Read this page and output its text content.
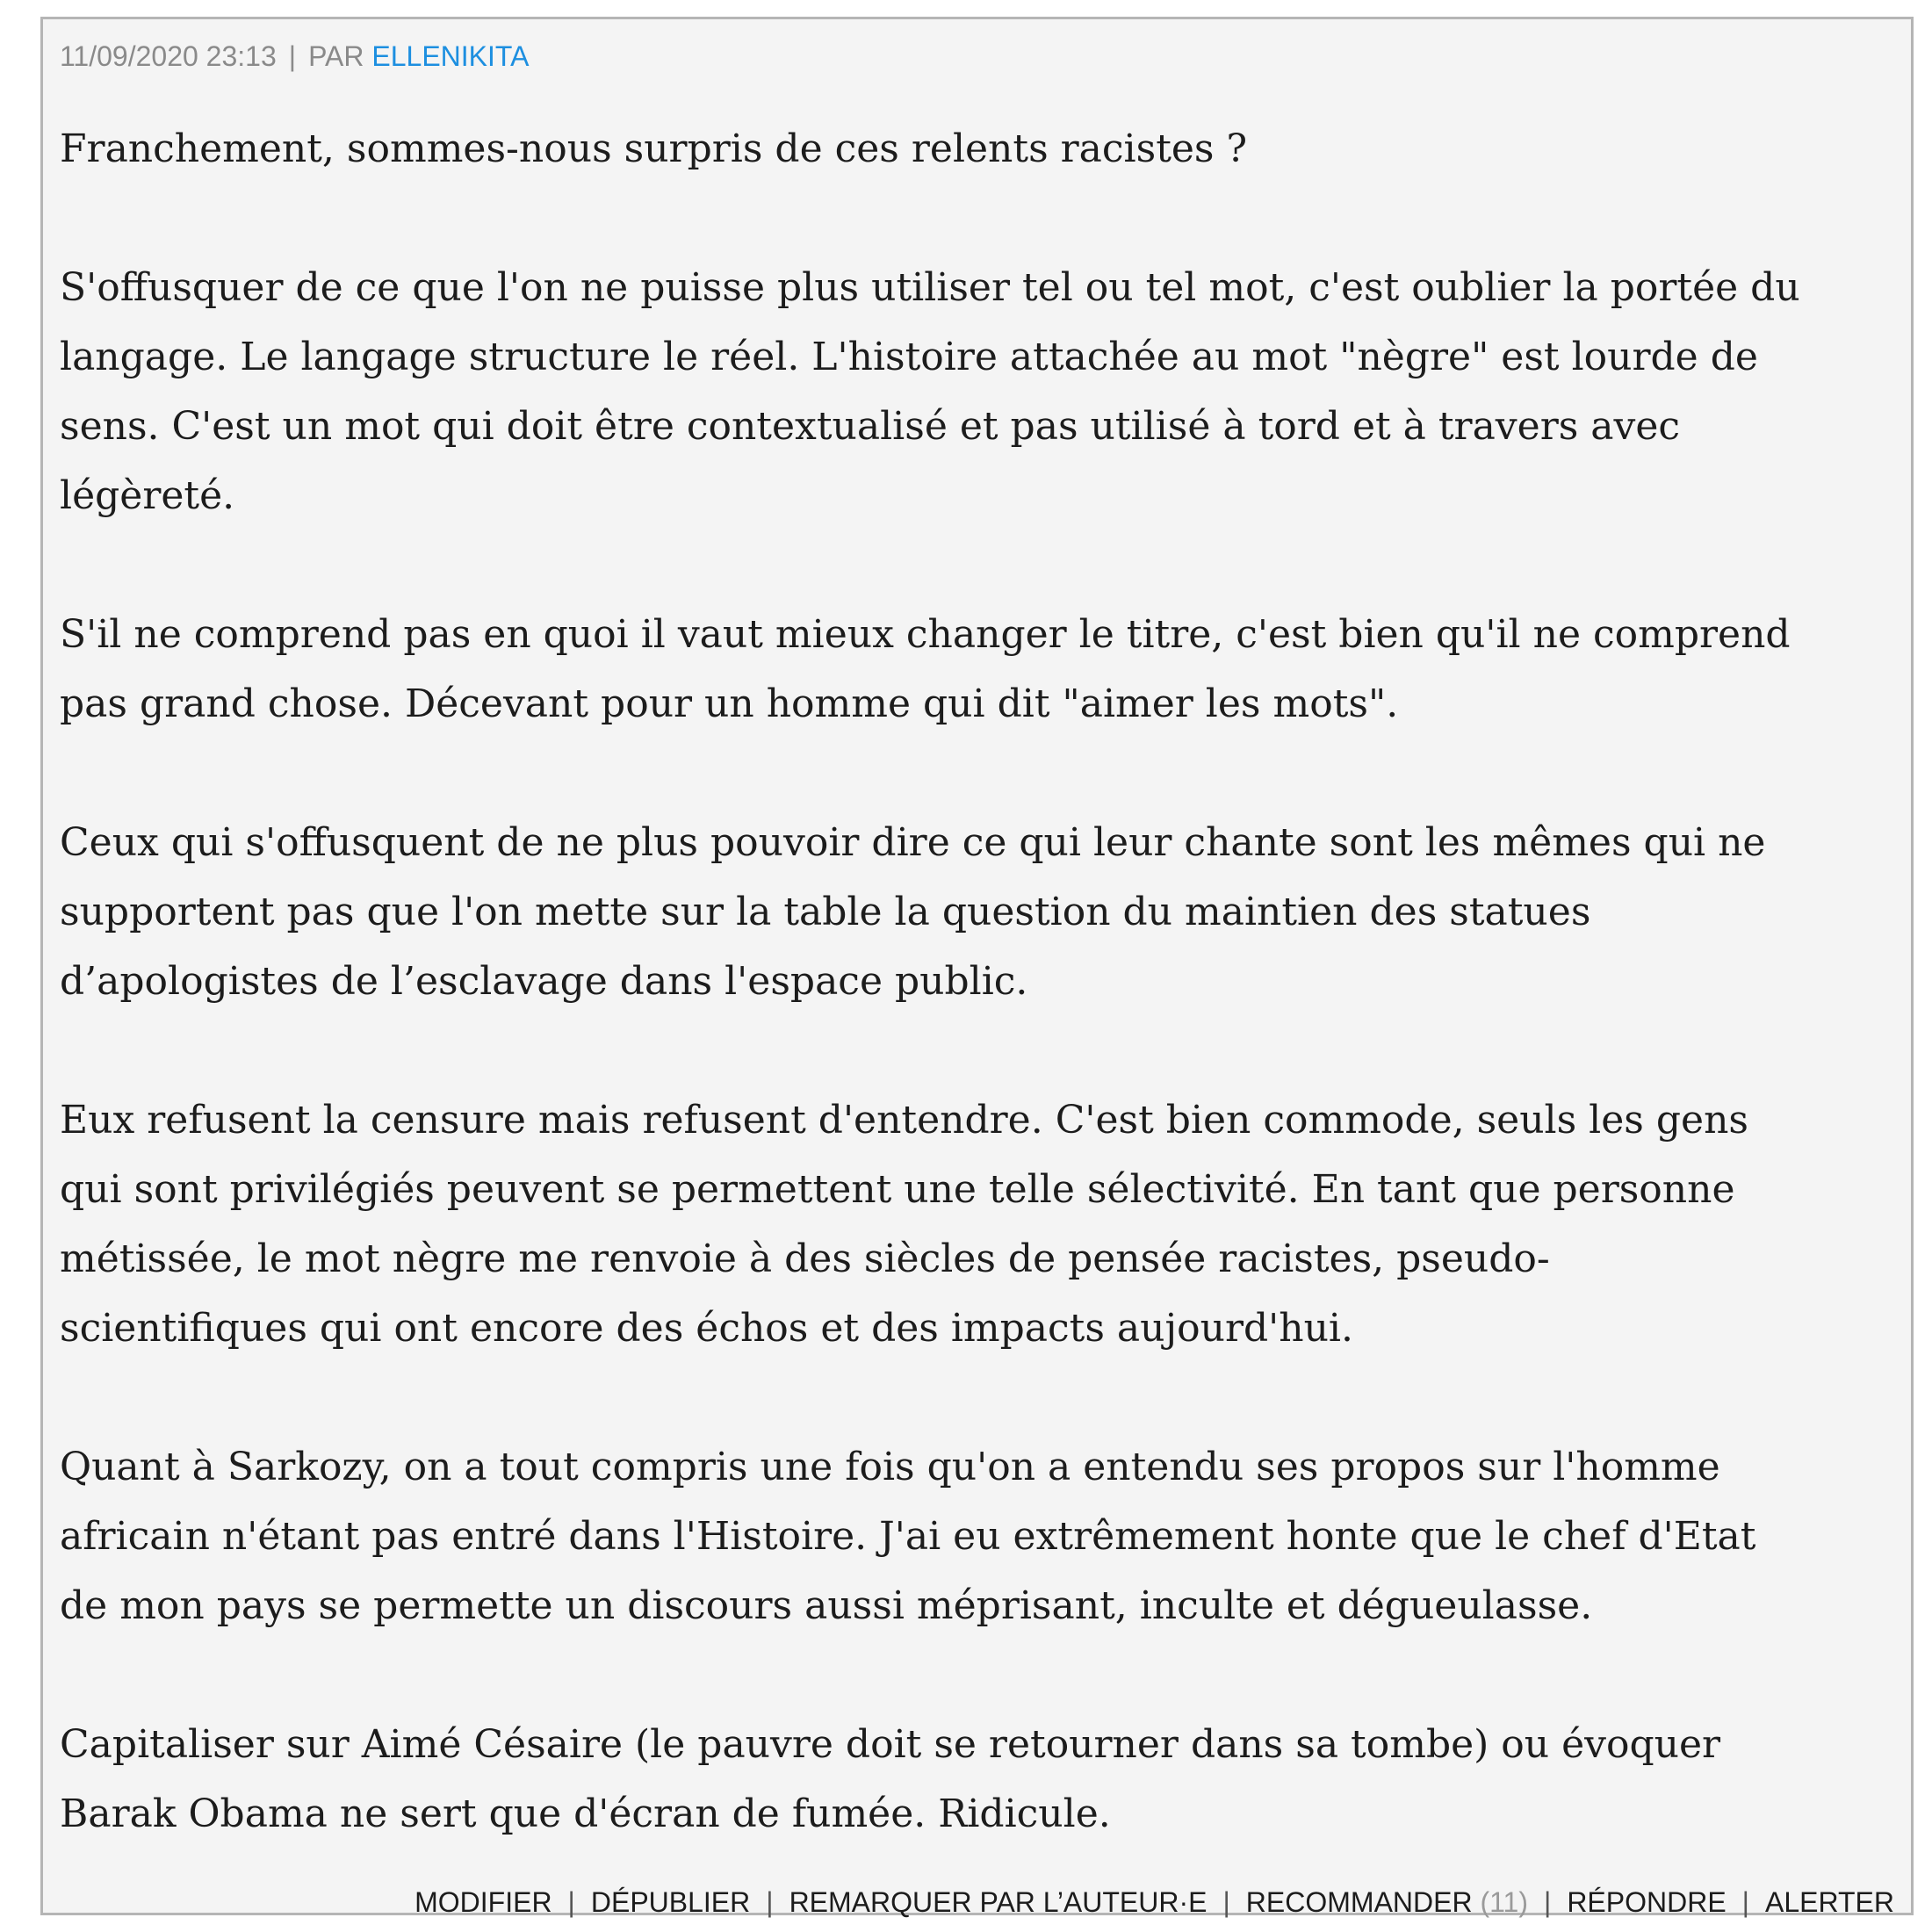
11/09/2020 23:13 | PAR ELLENIKITA

Franchement, sommes-nous surpris de ces relents racistes ?

S'offusquer de ce que l'on ne puisse plus utiliser tel ou tel mot, c'est oublier la portée du
langage. Le langage structure le réel. L'histoire attachée au mot "nègre" est lourde de
sens. C'est un mot qui doit être contextualisé et pas utilisé à tord et à travers avec
légèreté.

S'il ne comprend pas en quoi il vaut mieux changer le titre, c'est bien qu'il ne comprend
pas grand chose. Décevant pour un homme qui dit "aimer les mots".

Ceux qui s'offusquent de ne plus pouvoir dire ce qui leur chante sont les mêmes qui ne
supportent pas que l'on mette sur la table la question du maintien des statues
d’apologistes de l’esclavage dans l'espace public.

Eux refusent la censure mais refusent d'entendre. C'est bien commode, seuls les gens
qui sont privilégiés peuvent se permettent une telle sélectivité. En tant que personne
métissée, le mot nègre me renvoie à des siècles de pensée racistes, pseudo-
scientifiques qui ont encore des échos et des impacts aujourd'hui.

Quant à Sarkozy, on a tout compris une fois qu'on a entendu ses propos sur l'homme
africain n'étant pas entré dans l'Histoire. J'ai eu extrêmement honte que le chef d'Etat
de mon pays se permette un discours aussi méprisant, inculte et dégueulasse.

Capitaliser sur Aimé Césaire (le pauvre doit se retourner dans sa tombe) ou évoquer
Barak Obama ne sert que d'écran de fumée. Ridicule.

MODIFIER | DÉPUBLIER | REMARQUER PAR L’AUTEUR·E | RECOMMANDER (11) | RÉPONDRE | ALERTER
